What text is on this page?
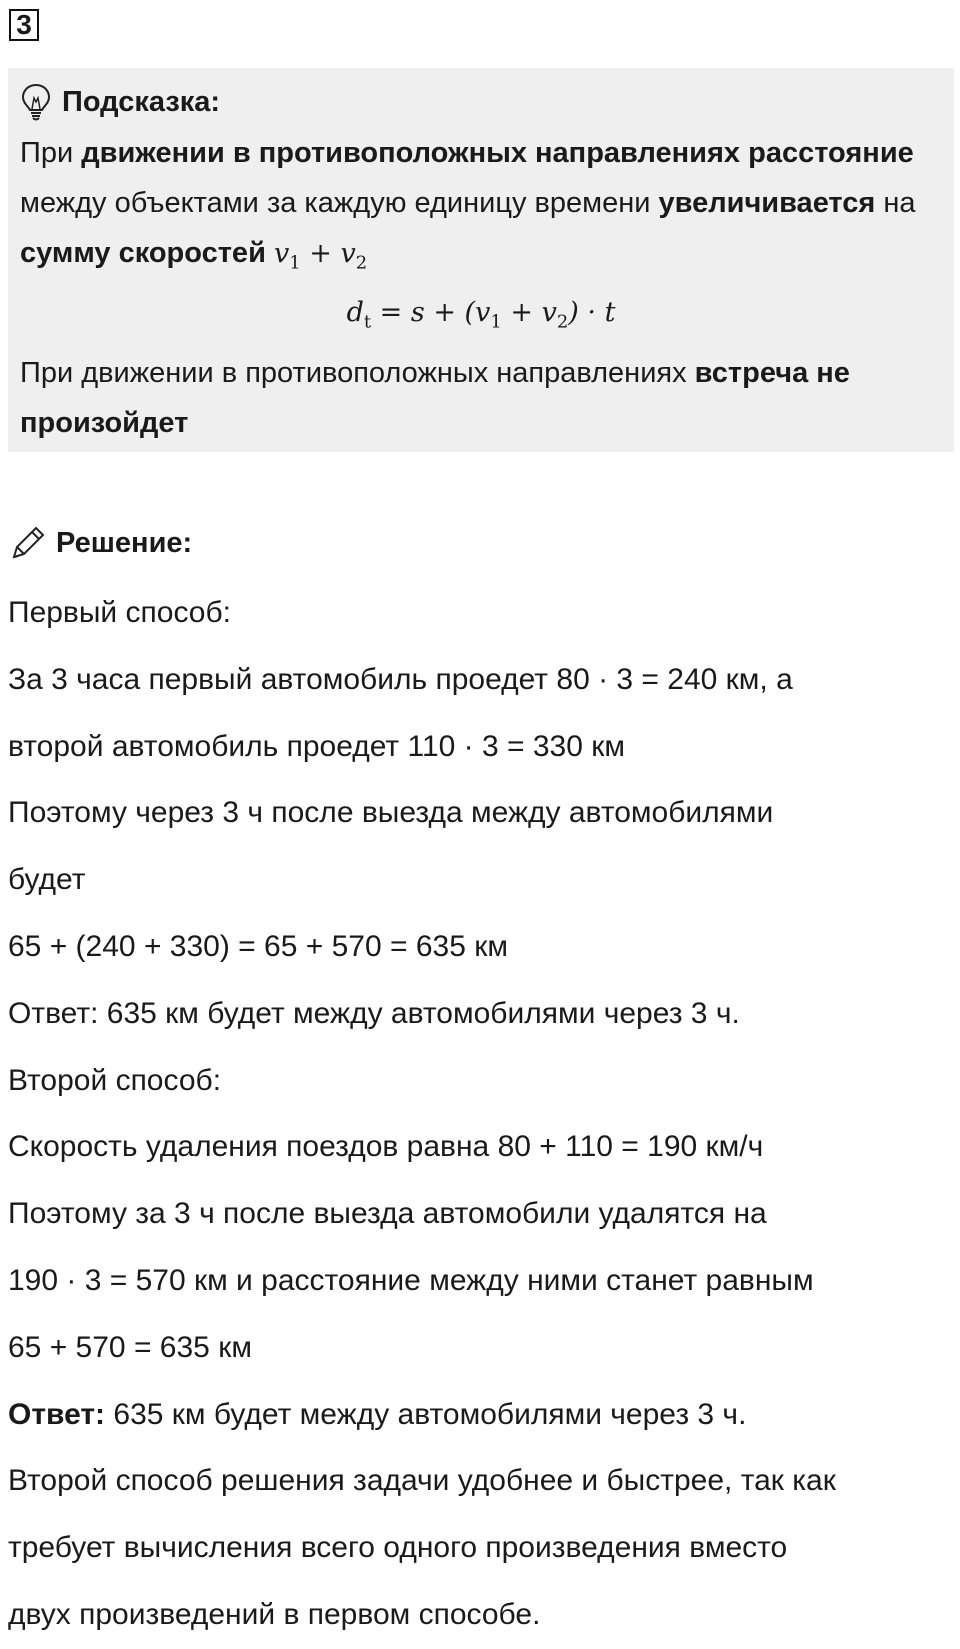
3
Подсказка:

При движении в противоположных направлениях расстояние между объектами за каждую единицу времени увеличивается на сумму скоростей $v_1 + v_2$

$d_t = s + (v_1 + v_2) \cdot t$

При движении в противоположных направлениях встреча не произойдет

Решение:
Первый способ:
За 3 часа первый автомобиль проедет 80 · 3 = 240 км, а
второй автомобиль проедет 110 · 3 = 330 км
Поэтому через 3 ч после выезда между автомобилями
будет
65 + (240 + 330) = 65 + 570 = 635 км
Ответ: 635 км будет между автомобилями через 3 ч.
Второй способ:
Скорость удаления поездов равна 80 + 110 = 190 км/ч
Поэтому за 3 ч после выезда автомобили удалятся на
190 · 3 = 570 км и расстояние между ними станет равным
65 + 570 = 635 км
Ответ: 635 км будет между автомобилями через 3 ч.
Второй способ решения задачи удобнее и быстрее, так как
требует вычисления всего одного произведения вместо
двух произведений в первом способе.
